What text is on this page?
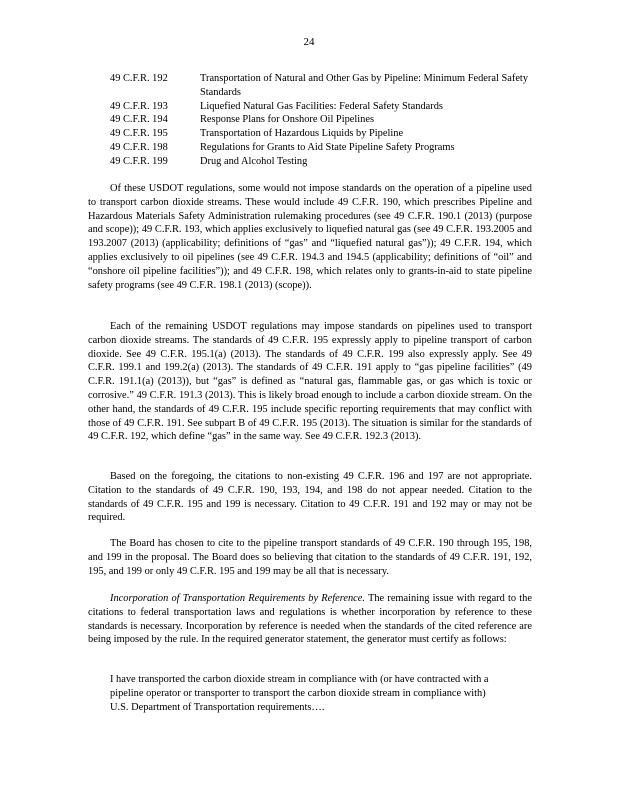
24
49 C.F.R. 192	Transportation of Natural and Other Gas by Pipeline: Minimum Federal Safety Standards
49 C.F.R. 193	Liquefied Natural Gas Facilities: Federal Safety Standards
49 C.F.R. 194	Response Plans for Onshore Oil Pipelines
49 C.F.R. 195	Transportation of Hazardous Liquids by Pipeline
49 C.F.R. 198	Regulations for Grants to Aid State Pipeline Safety Programs
49 C.F.R. 199	Drug and Alcohol Testing

Of these USDOT regulations, some would not impose standards on the operation of a pipeline used to transport carbon dioxide streams. These would include 49 C.F.R. 190, which prescribes Pipeline and Hazardous Materials Safety Administration rulemaking procedures (see 49 C.F.R. 190.1 (2013) (purpose and scope)); 49 C.F.R. 193, which applies exclusively to liquefied natural gas (see 49 C.F.R. 193.2005 and 193.2007 (2013) (applicability; definitions of “gas” and “liquefied natural gas”)); 49 C.F.R. 194, which applies exclusively to oil pipelines (see 49 C.F.R. 194.3 and 194.5 (applicability; definitions of “oil” and “onshore oil pipeline facilities”)); and 49 C.F.R. 198, which relates only to grants-in-aid to state pipeline safety programs (see 49 C.F.R. 198.1 (2013) (scope)).

Each of the remaining USDOT regulations may impose standards on pipelines used to transport carbon dioxide streams. The standards of 49 C.F.R. 195 expressly apply to pipeline transport of carbon dioxide. See 49 C.F.R. 195.1(a) (2013). The standards of 49 C.F.R. 199 also expressly apply. See 49 C.F.R. 199.1 and 199.2(a) (2013). The standards of 49 C.F.R. 191 apply to “gas pipeline facilities” (49 C.F.R. 191.1(a) (2013)), but “gas” is defined as “natural gas, flammable gas, or gas which is toxic or corrosive.” 49 C.F.R. 191.3 (2013). This is likely broad enough to include a carbon dioxide stream. On the other hand, the standards of 49 C.F.R. 195 include specific reporting requirements that may conflict with those of 49 C.F.R. 191. See subpart B of 49 C.F.R. 195 (2013). The situation is similar for the standards of 49 C.F.R. 192, which define “gas” in the same way. See 49 C.F.R. 192.3 (2013).

Based on the foregoing, the citations to non-existing 49 C.F.R. 196 and 197 are not appropriate. Citation to the standards of 49 C.F.R. 190, 193, 194, and 198 do not appear needed. Citation to the standards of 49 C.F.R. 195 and 199 is necessary. Citation to 49 C.F.R. 191 and 192 may or may not be required.

The Board has chosen to cite to the pipeline transport standards of 49 C.F.R. 190 through 195, 198, and 199 in the proposal. The Board does so believing that citation to the standards of 49 C.F.R. 191, 192, 195, and 199 or only 49 C.F.R. 195 and 199 may be all that is necessary.

Incorporation of Transportation Requirements by Reference. The remaining issue with regard to the citations to federal transportation laws and regulations is whether incorporation by reference to these standards is necessary. Incorporation by reference is needed when the standards of the cited reference are being imposed by the rule. In the required generator statement, the generator must certify as follows:

I have transported the carbon dioxide stream in compliance with (or have contracted with a pipeline operator or transporter to transport the carbon dioxide stream in compliance with) U.S. Department of Transportation requirements….
